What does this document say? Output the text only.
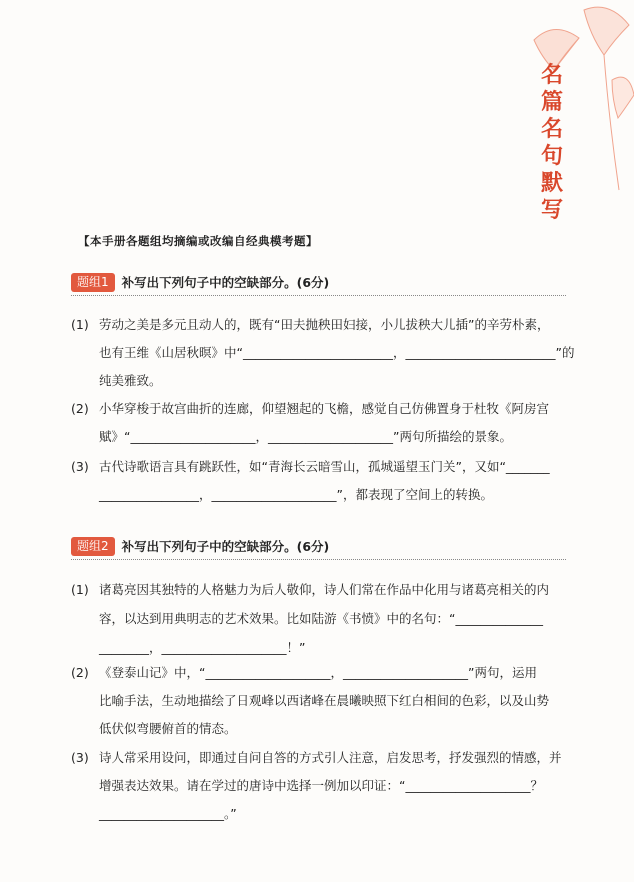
名
篇
名
句
默
写
【本手册各题组均摘编或改编自经典模考题】
题组1	补写出下列句子中的空缺部分。(6分)
(1) 劳动之美是多元且动人的，既有“田夫抛秧田妇接，小儿拔秧大儿插”的辛劳朴素，
也有王维《山居秋暝》中“________________________，________________________”的
纯美雅致。
(2) 小华穿梭于故宫曲折的连廊，仰望翘起的飞檐，感觉自己仿佛置身于杜牧《阿房宫
赋》“____________________，____________________”两句所描绘的景象。
(3) 古代诗歌语言具有跳跃性，如“青海长云暗雪山，孤城遥望玉门关”，又如“_______
________________，____________________”，都表现了空间上的转换。
题组2	补写出下列句子中的空缺部分。(6分)
(1) 诸葛亮因其独特的人格魅力为后人敬仰，诗人们常在作品中化用与诸葛亮相关的内
容，以达到用典明志的艺术效果。比如陆游《书愤》中的名句：“______________
________，____________________！”
(2) 《登泰山记》中，“____________________，____________________”两句，运用
比喻手法，生动地描绘了日观峰以西诸峰在晨曦映照下红白相间的色彩，以及山势
低伏似弯腰俯首的情态。
(3) 诗人常采用设问，即通过自问自答的方式引人注意，启发思考，抒发强烈的情感，并
增强表达效果。请在学过的唐诗中选择一例加以印证：“____________________？
____________________。”
